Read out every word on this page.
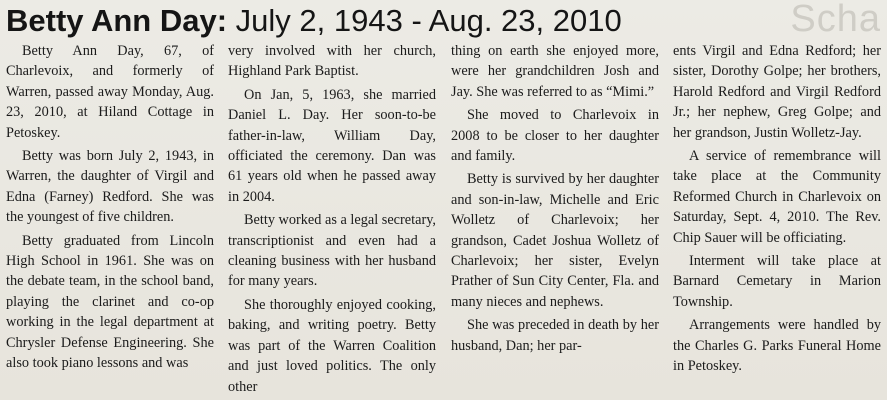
Scha
Betty Ann Day: July 2, 1943 - Aug. 23, 2010

Betty Ann Day, 67, of Charlevoix, and formerly of Warren, passed away Monday, Aug. 23, 2010, at Hiland Cottage in Petoskey.

Betty was born July 2, 1943, in Warren, the daughter of Virgil and Edna (Farney) Redford. She was the youngest of five children.

Betty graduated from Lincoln High School in 1961. She was on the debate team, in the school band, playing the clarinet and co-op working in the legal department at Chrysler Defense Engineering. She also took piano lessons and was

very involved with her church, Highland Park Baptist.

On Jan, 5, 1963, she married Daniel L. Day. Her soon-to-be father-in-law, William Day, officiated the ceremony. Dan was 61 years old when he passed away in 2004.

Betty worked as a legal secretary, transcriptionist and even had a cleaning business with her husband for many years.

She thoroughly enjoyed cooking, baking, and writing poetry. Betty was part of the Warren Coalition and just loved politics. The only other

thing on earth she enjoyed more, were her grandchildren Josh and Jay. She was referred to as “Mimi.”

She moved to Charlevoix in 2008 to be closer to her daughter and family.

Betty is survived by her daughter and son-in-law, Michelle and Eric Wolletz of Charlevoix; her grandson, Cadet Joshua Wolletz of Charlevoix; her sister, Evelyn Prather of Sun City Center, Fla. and many nieces and nephews.

She was preceded in death by her husband, Dan; her par-

ents Virgil and Edna Redford; her sister, Dorothy Golpe; her brothers, Harold Redford and Virgil Redford Jr.; her nephew, Greg Golpe; and her grandson, Justin Wolletz-Jay.

A service of remembrance will take place at the Community Reformed Church in Charlevoix on Saturday, Sept. 4, 2010. The Rev. Chip Sauer will be officiating.

Interment will take place at Barnard Cemetary in Marion Township.

Arrangements were handled by the Charles G. Parks Funeral Home in Petoskey.
